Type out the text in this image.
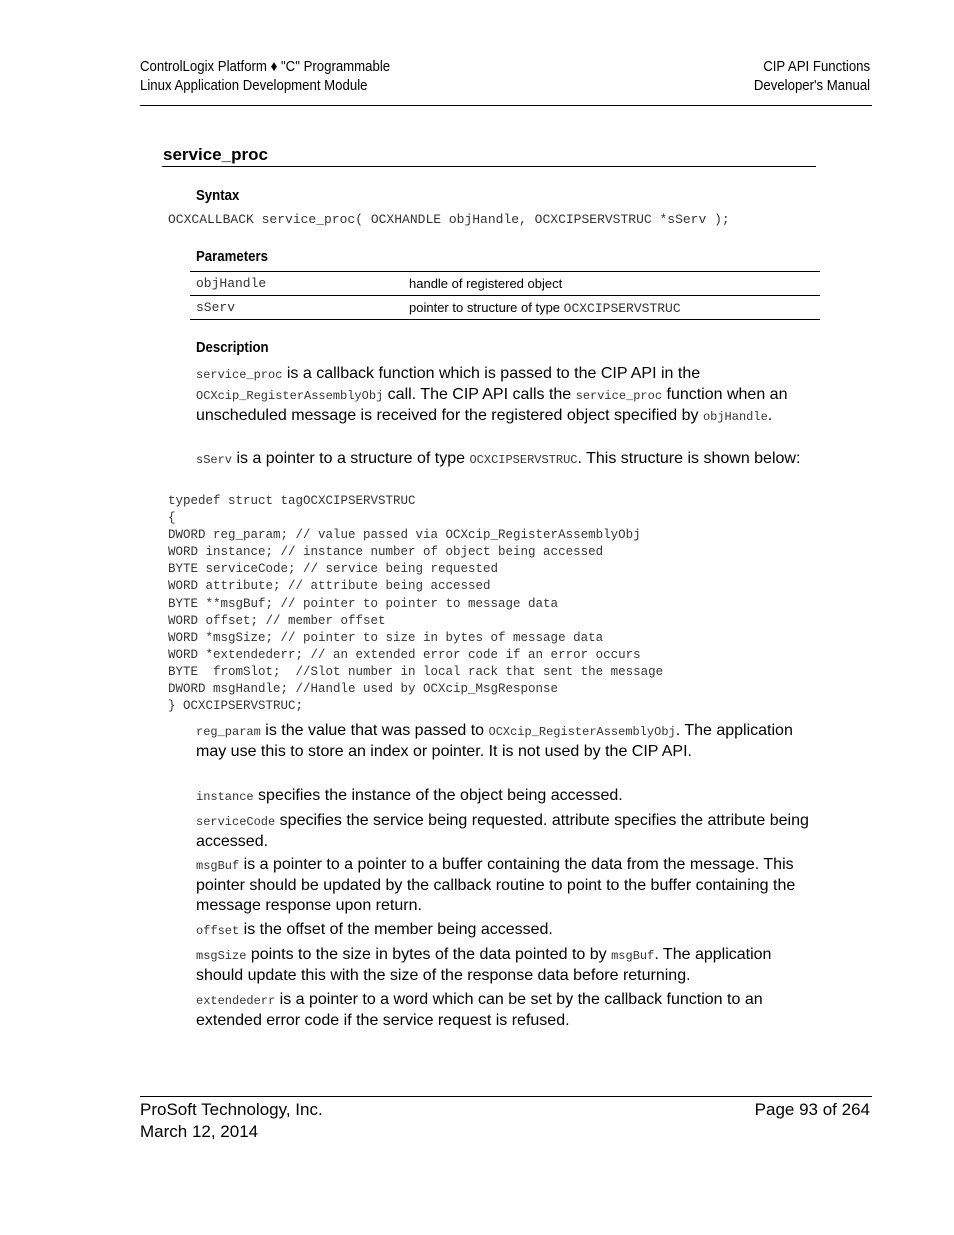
ControlLogix Platform ♦ "C" Programmable
Linux Application Development Module
CIP API Functions
Developer's Manual
service_proc
Syntax
OCXCALLBACK service_proc( OCXHANDLE objHandle, OCXCIPSERVSTRUC *sServ );
Parameters
objHandle	handle of registered object
sServ	pointer to structure of type OCXCIPSERVSTRUC
Description
service_proc is a callback function which is passed to the CIP API in the OCXcip_RegisterAssemblyObj call. The CIP API calls the service_proc function when an unscheduled message is received for the registered object specified by objHandle.
sServ is a pointer to a structure of type OCXCIPSERVSTRUC. This structure is shown below:
typedef struct tagOCXCIPSERVSTRUC
{
DWORD reg_param; // value passed via OCXcip_RegisterAssemblyObj
WORD instance; // instance number of object being accessed
BYTE serviceCode; // service being requested
WORD attribute; // attribute being accessed
BYTE **msgBuf; // pointer to pointer to message data
WORD offset; // member offset
WORD *msgSize; // pointer to size in bytes of message data
WORD *extendederr; // an extended error code if an error occurs
BYTE  fromSlot;  //Slot number in local rack that sent the message
DWORD msgHandle; //Handle used by OCXcip_MsgResponse
} OCXCIPSERVSTRUC;
reg_param is the value that was passed to OCXcip_RegisterAssemblyObj. The application may use this to store an index or pointer. It is not used by the CIP API.
instance specifies the instance of the object being accessed.
serviceCode specifies the service being requested. attribute specifies the attribute being accessed.
msgBuf is a pointer to a pointer to a buffer containing the data from the message. This pointer should be updated by the callback routine to point to the buffer containing the message response upon return.
offset is the offset of the member being accessed.
msgSize points to the size in bytes of the data pointed to by msgBuf. The application should update this with the size of the response data before returning.
extendederr is a pointer to a word which can be set by the callback function to an extended error code if the service request is refused.
ProSoft Technology, Inc.
March 12, 2014
Page 93 of 264
